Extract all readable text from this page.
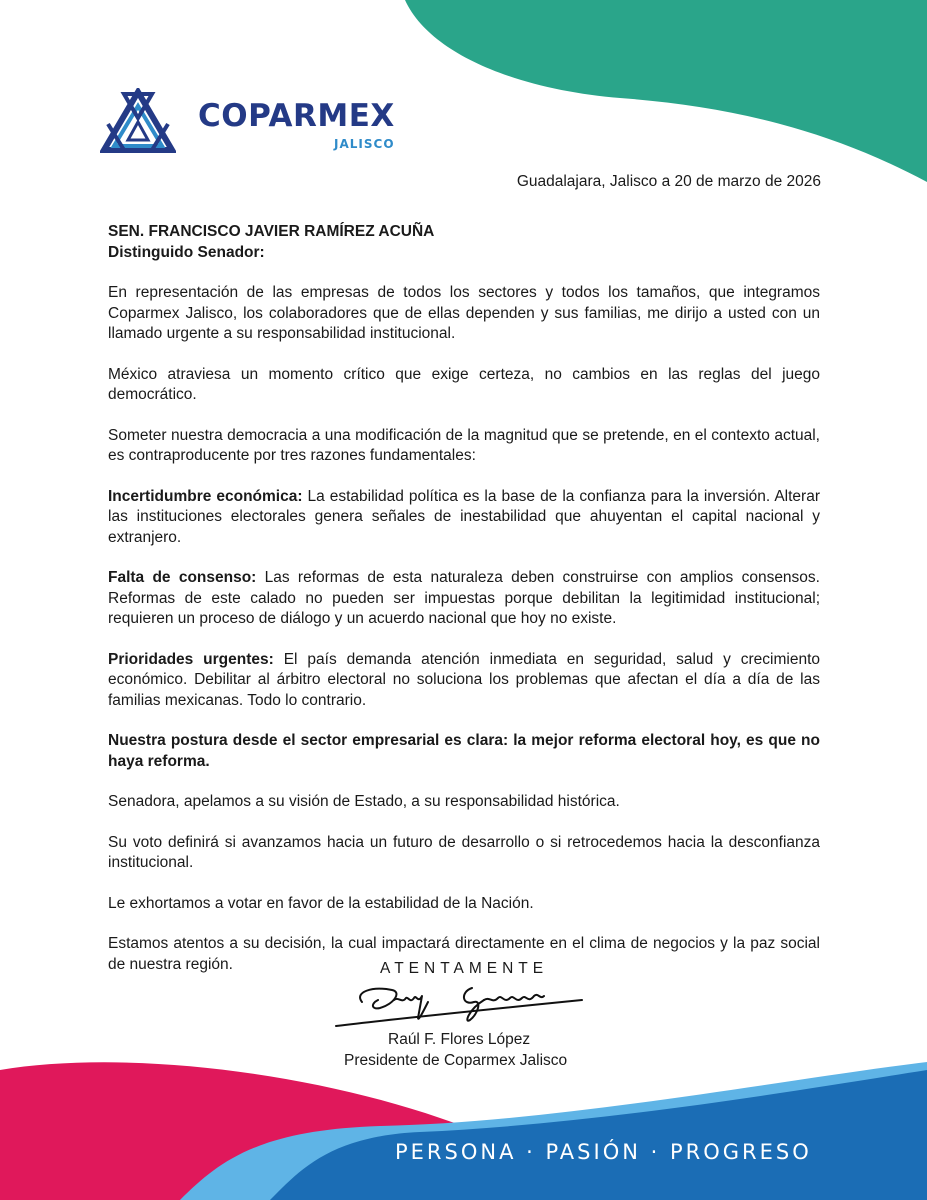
COPARMEX
JALISCO
Guadalajara, Jalisco a 20 de marzo de 2026
SEN. FRANCISCO JAVIER RAMÍREZ ACUÑA
Distinguido Senador:

En representación de las empresas de todos los sectores y todos los tamaños, que integramos Coparmex Jalisco, los colaboradores que de ellas dependen y sus familias, me dirijo a usted con un llamado urgente a su responsabilidad institucional.

México atraviesa un momento crítico que exige certeza, no cambios en las reglas del juego democrático.

Someter nuestra democracia a una modificación de la magnitud que se pretende, en el contexto actual, es contraproducente por tres razones fundamentales:

Incertidumbre económica: La estabilidad política es la base de la confianza para la inversión. Alterar las instituciones electorales genera señales de inestabilidad que ahuyentan el capital nacional y extranjero.

Falta de consenso: Las reformas de esta naturaleza deben construirse con amplios consensos. Reformas de este calado no pueden ser impuestas porque debilitan la legitimidad institucional; requieren un proceso de diálogo y un acuerdo nacional que hoy no existe.

Prioridades urgentes: El país demanda atención inmediata en seguridad, salud y crecimiento económico. Debilitar al árbitro electoral no soluciona los problemas que afectan el día a día de las familias mexicanas. Todo lo contrario.

Nuestra postura desde el sector empresarial es clara: la mejor reforma electoral hoy, es que no haya reforma.

Senadora, apelamos a su visión de Estado, a su responsabilidad histórica.

Su voto definirá si avanzamos hacia un futuro de desarrollo o si retrocedemos hacia la desconfianza institucional.

Le exhortamos a votar en favor de la estabilidad de la Nación.

Estamos atentos a su decisión, la cual impactará directamente en el clima de negocios y la paz social de nuestra región.	ATENTAMENTE
Raúl F. Flores López
Presidente de Coparmex Jalisco
PERSONA · PASIÓN · PROGRESO
